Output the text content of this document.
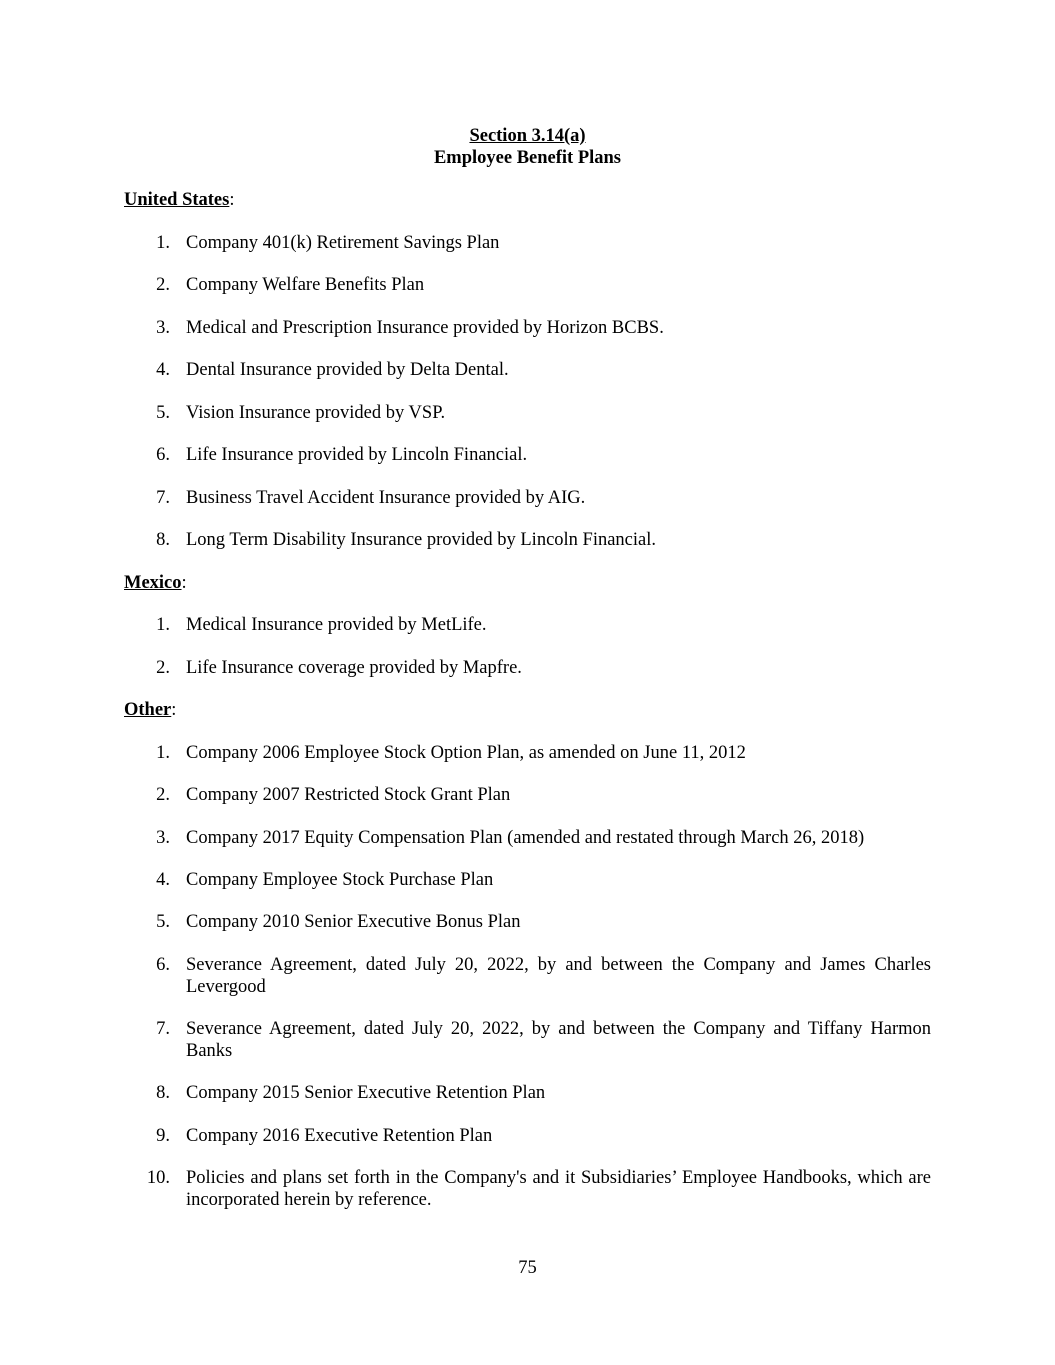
Section 3.14(a)
Employee Benefit Plans
United States:
1. Company 401(k) Retirement Savings Plan
2. Company Welfare Benefits Plan
3. Medical and Prescription Insurance provided by Horizon BCBS.
4. Dental Insurance provided by Delta Dental.
5. Vision Insurance provided by VSP.
6. Life Insurance provided by Lincoln Financial.
7. Business Travel Accident Insurance provided by AIG.
8. Long Term Disability Insurance provided by Lincoln Financial.
Mexico:
1. Medical Insurance provided by MetLife.
2. Life Insurance coverage provided by Mapfre.
Other:
1. Company 2006 Employee Stock Option Plan, as amended on June 11, 2012
2. Company 2007 Restricted Stock Grant Plan
3. Company 2017 Equity Compensation Plan (amended and restated through March 26, 2018)
4. Company Employee Stock Purchase Plan
5. Company 2010 Senior Executive Bonus Plan
6. Severance Agreement, dated July 20, 2022, by and between the Company and James Charles Levergood
7. Severance Agreement, dated July 20, 2022, by and between the Company and Tiffany Harmon Banks
8. Company 2015 Senior Executive Retention Plan
9. Company 2016 Executive Retention Plan
10. Policies and plans set forth in the Company's and it Subsidiaries’ Employee Handbooks, which are incorporated herein by reference.
75
